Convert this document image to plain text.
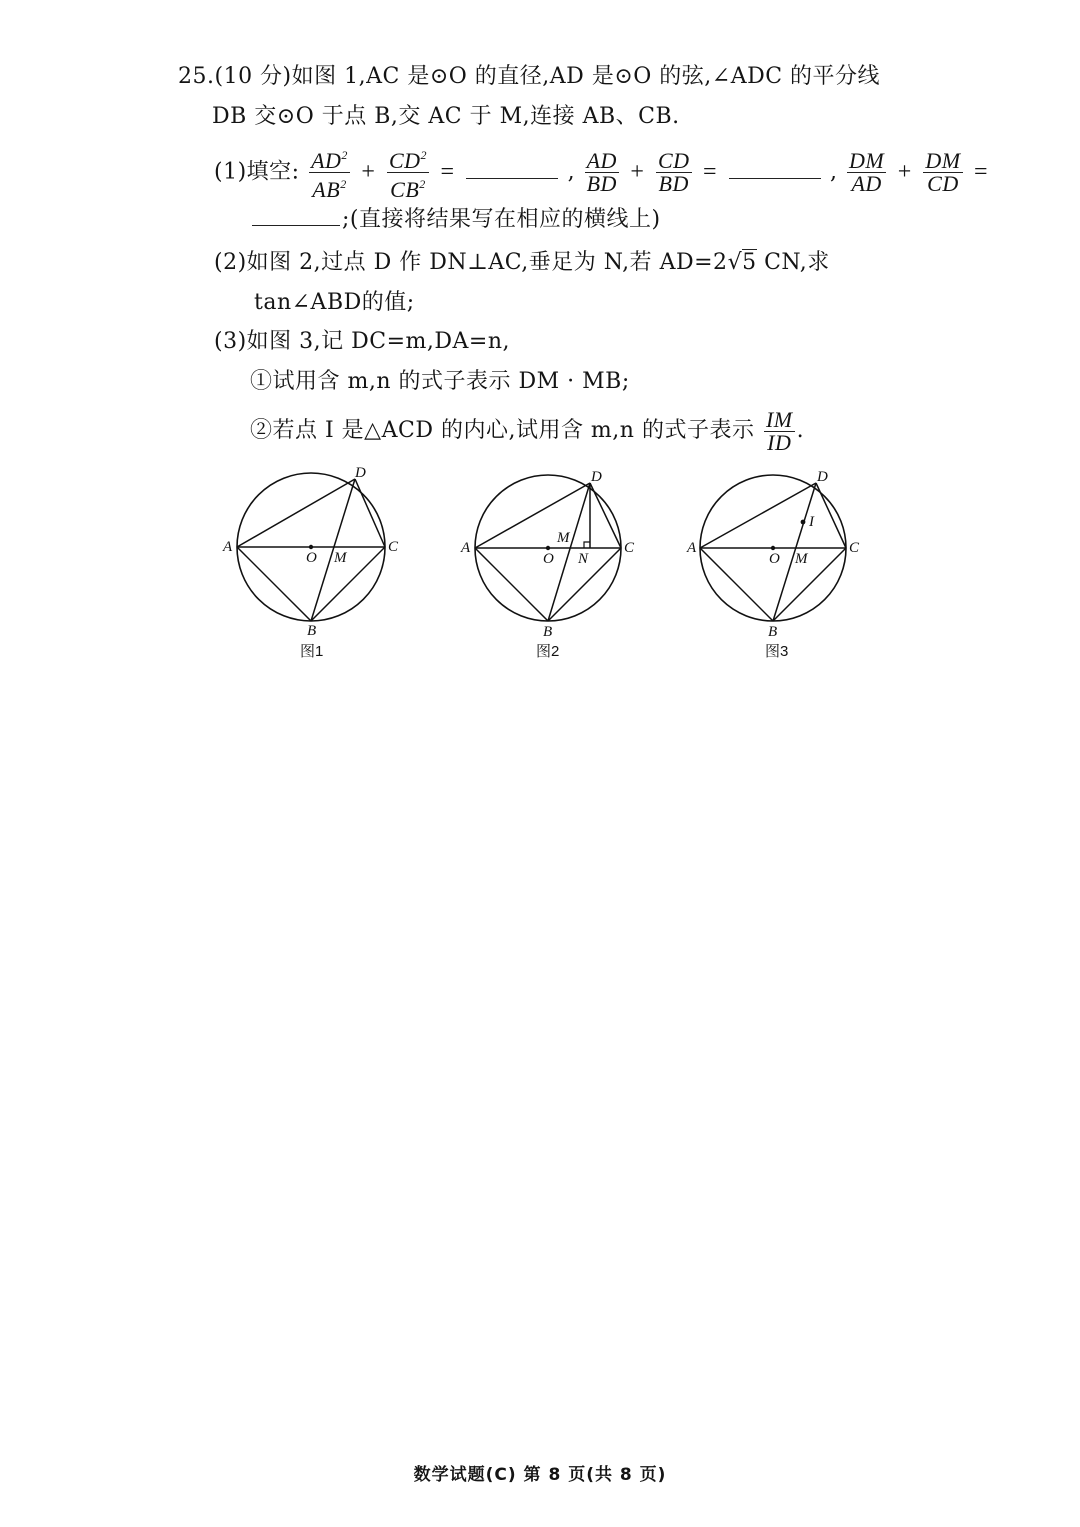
25.(10 分)如图 1,AC 是⊙O 的直径,AD 是⊙O 的弦,∠ADC 的平分线
DB 交⊙O 于点 B,交 AC 于 M,连接 AB、CB.
(1)填空: $\frac{AD^2}{AB^2} + \frac{CD^2}{CB^2}$ =	, $\frac{AD}{BD} + \frac{CD}{BD}$ =	, $\frac{DM}{AD} + \frac{DM}{CD}$ =
;(直接将结果写在相应的横线上)
(2)如图 2,过点 D 作 DN⊥AC,垂足为 N,若 AD=2√5 CN,求
tan∠ABD的值;
(3)如图 3,记 DC=m,DA=n,
①试用含 m,n 的式子表示 DM · MB;
②若点 I 是△ACD 的内心,试用含 m,n 的式子表示 $\frac{IM}{ID}$ .
A	C
D
B
O M
图1
A	C
D
B
O
M
N
图2
A	C
D
B
O M
I
图3
数学试题(C) 第 8 页(共 8 页)
